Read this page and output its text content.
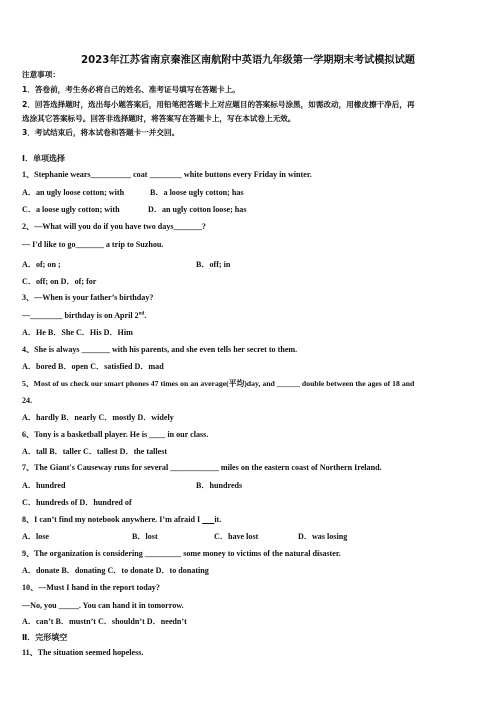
2023年江苏省南京秦淮区南航附中英语九年级第一学期期末考试模拟试题
注意事项：
1．答卷前，考生务必将自己的姓名、准考证号填写在答题卡上。
2．回答选择题时，选出每小题答案后，用铅笔把答题卡上对应题目的答案标号涂黑，如需改动，用橡皮擦干净后，再
选涂其它答案标号。回答非选择题时，将答案写在答题卡上，写在本试卷上无效。
3．考试结束后，将本试卷和答题卡一并交回。
Ⅰ．单项选择
1、Stephanie wears__________ coat ________ white buttons every Friday in winter.
A．an ugly loose cotton; with	B．a loose ugly cotton; has
C．a loose ugly cotton; with	D．an ugly cotton loose; has
2、—What will you do if you have two days_______?
— I'd like to go_______ a trip to Suzhou.
A．of; on ;	B．off; in
C．off; on D．of; for
3、—When is your father’s birthday?
—________ birthday is on April 2nd.
A．He B．She C．His D．Him
4、She is always _______ with his parents, and she even tells her secret to them.
A．bored B．open C．satisfied D．mad
5、Most of us check our smart phones 47 times on an average(平均)day, and ______ double between the ages of 18 and
24.
A．hardly B．nearly C．mostly D．widely
6、Tony is a basketball player. He is ____ in our class.
A．tall B．taller C．tallest D．the tallest
7、The Giant's Causeway runs for several ____________ miles on the eastern coast of Northern Ireland.
A．hundred	B．hundreds
C．hundreds of D．hundred of
8、I can’t find my notebook anywhere. I’m afraid I       it.
A．lose	B．lost	C．have lost	D．was losing
9、The organization is considering _________ some money to victims of the natural disaster.
A．donate B．donating C．to donate D．to donating
10、—Must I hand in the report today?
—No, you _____. You can hand it in tomorrow.
A．can’t B．mustn’t C．shouldn’t D．needn’t
Ⅱ．完形填空
11、The situation seemed hopeless.
